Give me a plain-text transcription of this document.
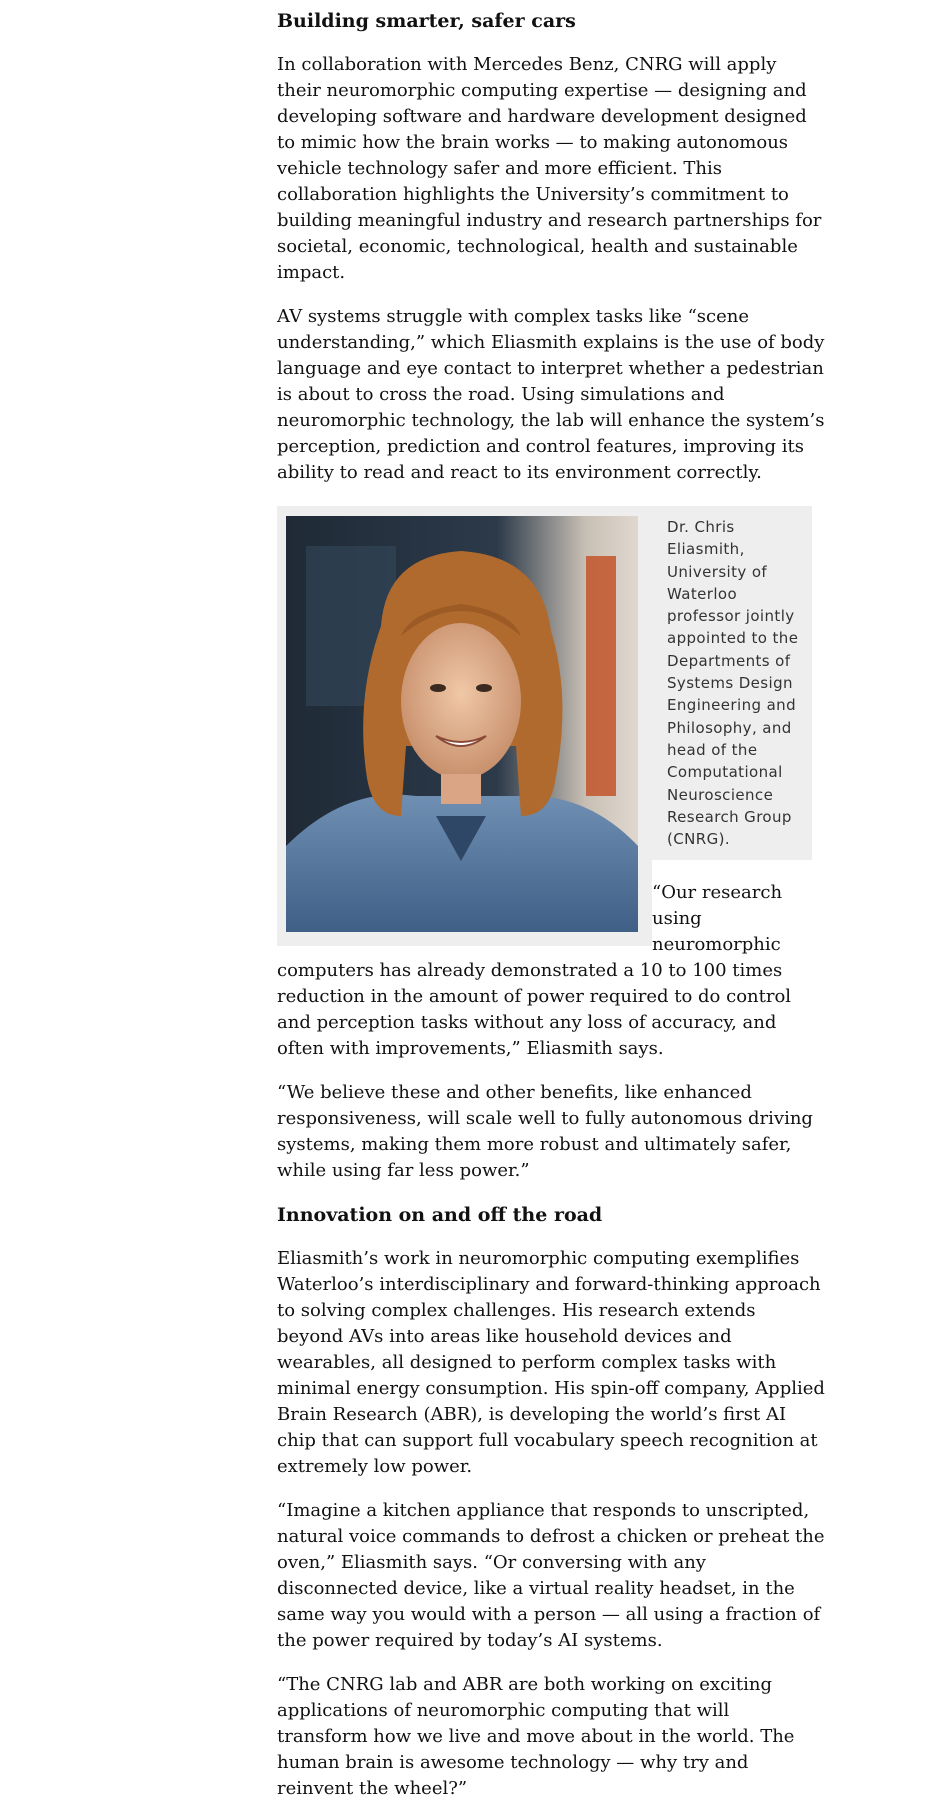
Building smarter, safer cars

In collaboration with Mercedes Benz, CNRG will apply their neuromorphic computing expertise — designing and developing software and hardware development designed to mimic how the brain works — to making autonomous vehicle technology safer and more efficient. This collaboration highlights the University’s commitment to building meaningful industry and research partnerships for societal, economic, technological, health and sustainable impact.

AV systems struggle with complex tasks like “scene understanding,” which Eliasmith explains is the use of body language and eye contact to interpret whether a pedestrian is about to cross the road. Using simulations and neuromorphic technology, the lab will enhance the system’s perception, prediction and control features, improving its ability to read and react to its environment correctly.

Dr. Chris Eliasmith, University of Waterloo professor jointly appointed to the Departments of Systems Design Engineering and Philosophy, and head of the Computational Neuroscience Research Group (CNRG).

“Our research using neuromorphic computers has already demonstrated a 10 to 100 times reduction in the amount of power required to do control and perception tasks without any loss of accuracy, and often with improvements,” Eliasmith says.

“We believe these and other benefits, like enhanced responsiveness, will scale well to fully autonomous driving systems, making them more robust and ultimately safer, while using far less power.”

Innovation on and off the road

Eliasmith’s work in neuromorphic computing exemplifies Waterloo’s interdisciplinary and forward-thinking approach to solving complex challenges. His research extends beyond AVs into areas like household devices and wearables, all designed to perform complex tasks with minimal energy consumption. His spin-off company, Applied Brain Research (ABR), is developing the world’s first AI chip that can support full vocabulary speech recognition at extremely low power.

“Imagine a kitchen appliance that responds to unscripted, natural voice commands to defrost a chicken or preheat the oven,” Eliasmith says. “Or conversing with any disconnected device, like a virtual reality headset, in the same way you would with a person — all using a fraction of the power required by today’s AI systems.

“The CNRG lab and ABR are both working on exciting applications of neuromorphic computing that will transform how we live and move about in the world. The human brain is awesome technology — why try and reinvent the wheel?”
